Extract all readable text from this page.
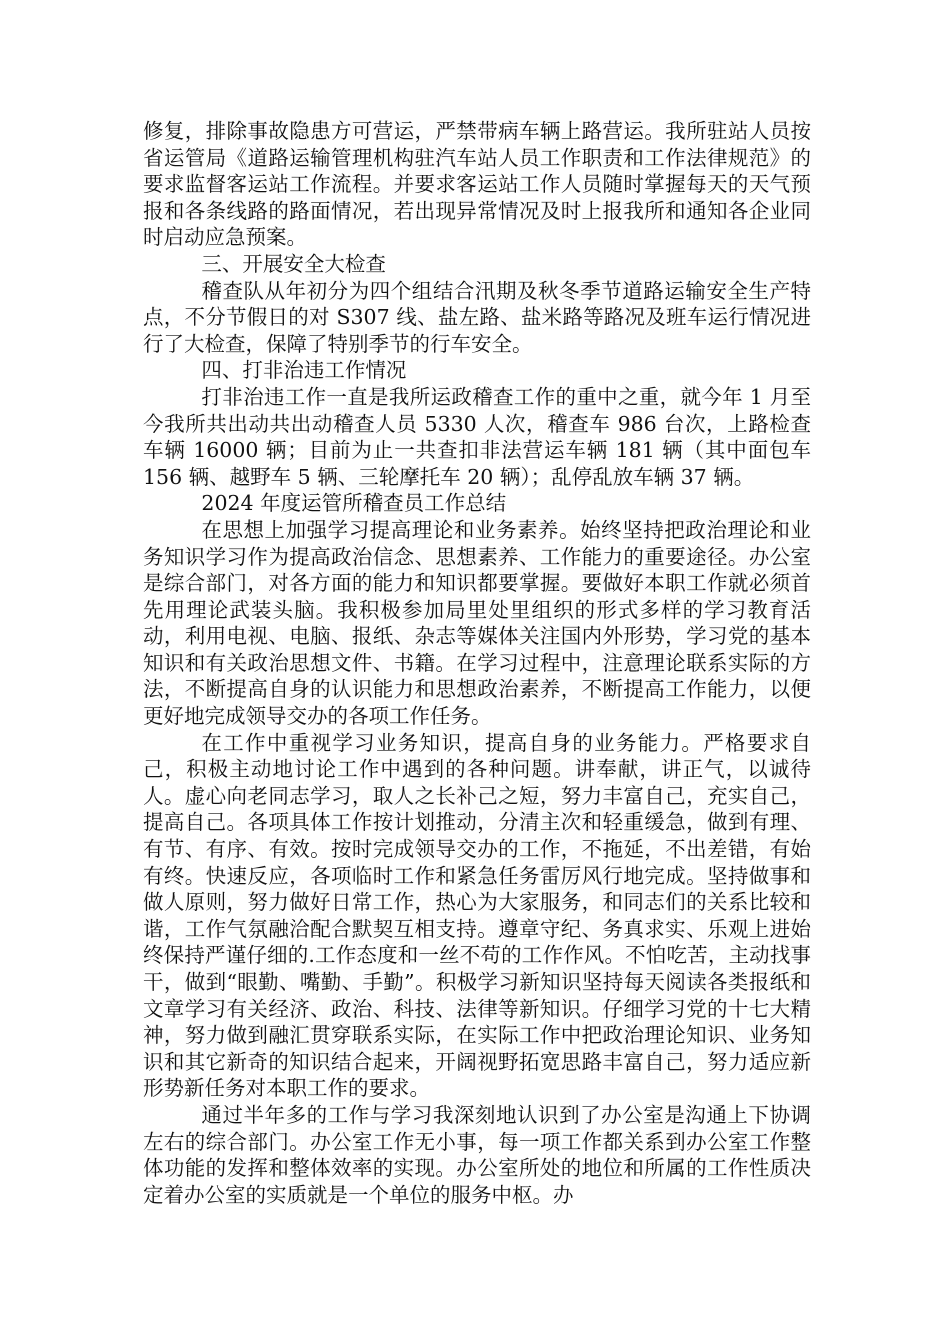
修复，排除事故隐患方可营运，严禁带病车辆上路营运。我所驻站人员按省运管局《道路运输管理机构驻汽车站人员工作职责和工作法律规范》的要求监督客运站工作流程。并要求客运站工作人员随时掌握每天的天气预报和各条线路的路面情况，若出现异常情况及时上报我所和通知各企业同时启动应急预案。

三、开展安全大检查

稽查队从年初分为四个组结合汛期及秋冬季节道路运输安全生产特点，不分节假日的对 S307 线、盐左路、盐米路等路况及班车运行情况进行了大检查，保障了特别季节的行车安全。

四、打非治违工作情况

打非治违工作一直是我所运政稽查工作的重中之重，就今年 1 月至今我所共出动共出动稽查人员 5330 人次，稽查车 986 台次，上路检查车辆 16000 辆；目前为止一共查扣非法营运车辆 181 辆（其中面包车 156 辆、越野车 5 辆、三轮摩托车 20 辆）；乱停乱放车辆 37 辆。

2024 年度运管所稽查员工作总结

在思想上加强学习提高理论和业务素养。始终坚持把政治理论和业务知识学习作为提高政治信念、思想素养、工作能力的重要途径。办公室是综合部门，对各方面的能力和知识都要掌握。要做好本职工作就必须首先用理论武装头脑。我积极参加局里处里组织的形式多样的学习教育活动，利用电视、电脑、报纸、杂志等媒体关注国内外形势，学习党的基本知识和有关政治思想文件、书籍。在学习过程中，注意理论联系实际的方法，不断提高自身的认识能力和思想政治素养，不断提高工作能力，以便更好地完成领导交办的各项工作任务。

在工作中重视学习业务知识，提高自身的业务能力。严格要求自己，积极主动地讨论工作中遇到的各种问题。讲奉献，讲正气，以诚待人。虚心向老同志学习，取人之长补己之短，努力丰富自己，充实自己，提高自己。各项具体工作按计划推动，分清主次和轻重缓急，做到有理、有节、有序、有效。按时完成领导交办的工作，不拖延，不出差错，有始有终。快速反应，各项临时工作和紧急任务雷厉风行地完成。坚持做事和做人原则，努力做好日常工作，热心为大家服务，和同志们的关系比较和谐，工作气氛融洽配合默契互相支持。遵章守纪、务真求实、乐观上进始终保持严谨仔细的.工作态度和一丝不苟的工作作风。不怕吃苦，主动找事干，做到“眼勤、嘴勤、手勤”。积极学习新知识坚持每天阅读各类报纸和文章学习有关经济、政治、科技、法律等新知识。仔细学习党的十七大精神，努力做到融汇贯穿联系实际，在实际工作中把政治理论知识、业务知识和其它新奇的知识结合起来，开阔视野拓宽思路丰富自己，努力适应新形势新任务对本职工作的要求。

通过半年多的工作与学习我深刻地认识到了办公室是沟通上下协调左右的综合部门。办公室工作无小事，每一项工作都关系到办公室工作整体功能的发挥和整体效率的实现。办公室所处的地位和所属的工作性质决定着办公室的实质就是一个单位的服务中枢。办
